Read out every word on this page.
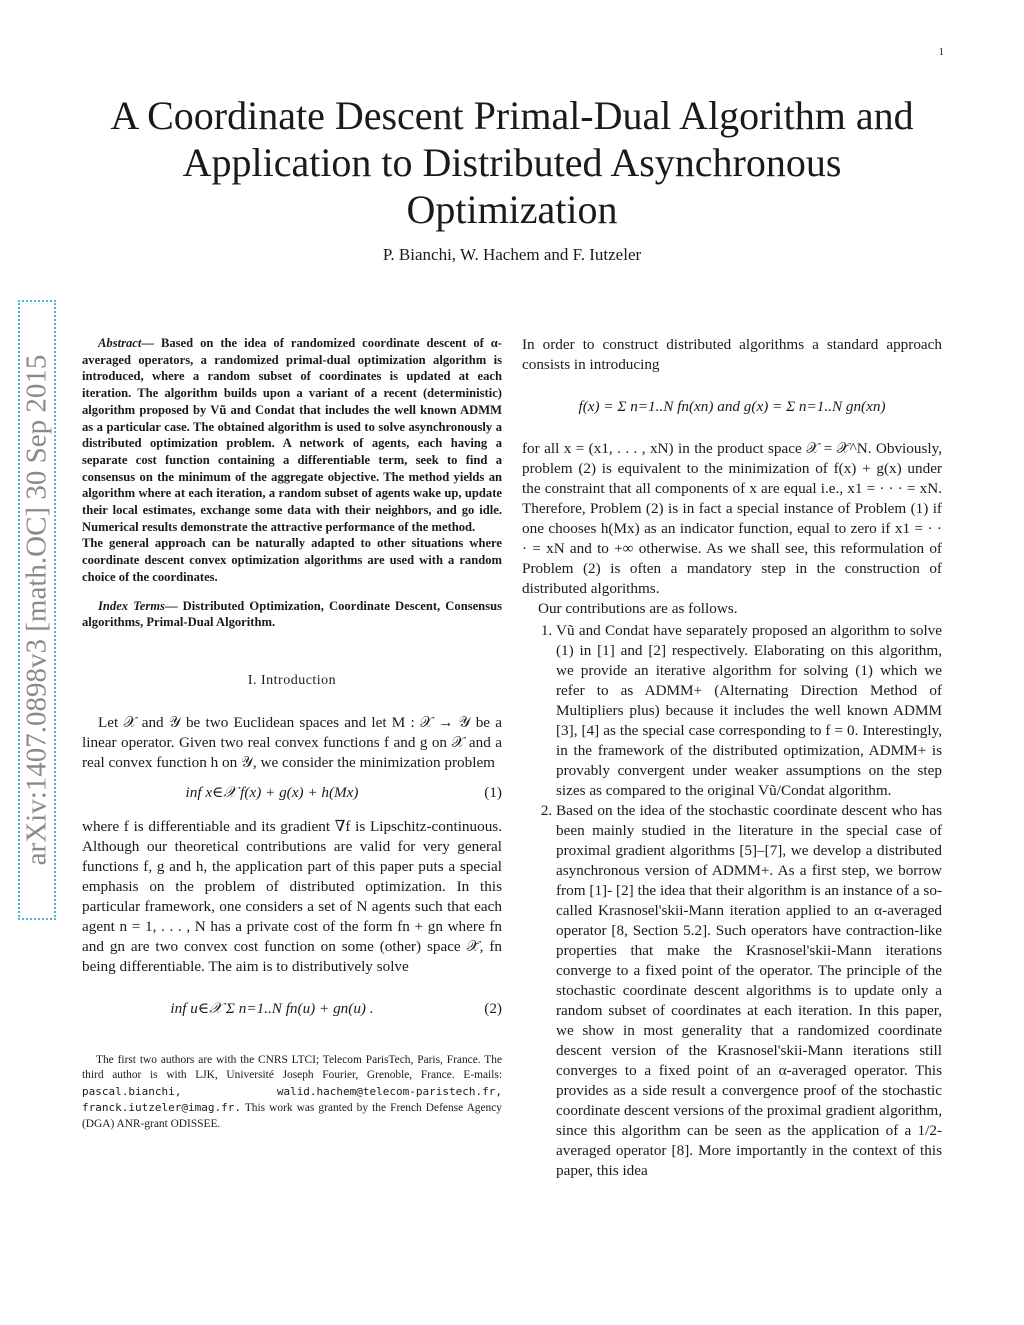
1
A Coordinate Descent Primal-Dual Algorithm and Application to Distributed Asynchronous Optimization
P. Bianchi, W. Hachem and F. Iutzeler
arXiv:1407.0898v3 [math.OC] 30 Sep 2015
Abstract— Based on the idea of randomized coordinate descent of α-averaged operators, a randomized primal-dual optimization algorithm is introduced, where a random subset of coordinates is updated at each iteration. The algorithm builds upon a variant of a recent (deterministic) algorithm proposed by Vũ and Condat that includes the well known ADMM as a particular case. The obtained algorithm is used to solve asynchronously a distributed optimization problem. A network of agents, each having a separate cost function containing a differentiable term, seek to find a consensus on the minimum of the aggregate objective. The method yields an algorithm where at each iteration, a random subset of agents wake up, update their local estimates, exchange some data with their neighbors, and go idle. Numerical results demonstrate the attractive performance of the method.
The general approach can be naturally adapted to other situations where coordinate descent convex optimization algorithms are used with a random choice of the coordinates.
Index Terms— Distributed Optimization, Coordinate Descent, Consensus algorithms, Primal-Dual Algorithm.
I. Introduction

Let 𝒳 and 𝒴 be two Euclidean spaces and let M : 𝒳 → 𝒴 be a linear operator. Given two real convex functions f and g on 𝒳 and a real convex function h on 𝒴, we consider the minimization problem

inf x∈𝒳 f(x) + g(x) + h(Mx)	(1)

where f is differentiable and its gradient ∇f is Lipschitz-continuous. Although our theoretical contributions are valid for very general functions f, g and h, the application part of this paper puts a special emphasis on the problem of distributed optimization. In this particular framework, one considers a set of N agents such that each agent n = 1, . . . , N has a private cost of the form fn + gn where fn and gn are two convex cost function on some (other) space 𝒳̄, fn being differentiable. The aim is to distributively solve

inf u∈𝒳 Σ n=1..N fn(u) + gn(u) .	(2)
The first two authors are with the CNRS LTCI; Telecom ParisTech, Paris, France. The third author is with LJK, Université Joseph Fourier, Grenoble, France. E-mails: pascal.bianchi, walid.hachem@telecom-paristech.fr, franck.iutzeler@imag.fr. This work was granted by the French Defense Agency (DGA) ANR-grant ODISSEE.

In order to construct distributed algorithms a standard approach consists in introducing

f(x) = Σ n=1..N fn(xn) and g(x) = Σ n=1..N gn(xn)

for all x = (x1, . . . , xN) in the product space 𝒳 = 𝒳̄^N. Obviously, problem (2) is equivalent to the minimization of f(x) + g(x) under the constraint that all components of x are equal i.e., x1 = · · · = xN. Therefore, Problem (2) is in fact a special instance of Problem (1) if one chooses h(Mx) as an indicator function, equal to zero if x1 = · · · = xN and to +∞ otherwise. As we shall see, this reformulation of Problem (2) is often a mandatory step in the construction of distributed algorithms.

Our contributions are as follows.

1. Vũ and Condat have separately proposed an algorithm to solve (1) in [1] and [2] respectively. Elaborating on this algorithm, we provide an iterative algorithm for solving (1) which we refer to as ADMM+ (Alternating Direction Method of Multipliers plus) because it includes the well known ADMM [3], [4] as the special case corresponding to f = 0. Interestingly, in the framework of the distributed optimization, ADMM+ is provably convergent under weaker assumptions on the step sizes as compared to the original Vũ/Condat algorithm.
2. Based on the idea of the stochastic coordinate descent who has been mainly studied in the literature in the special case of proximal gradient algorithms [5]–[7], we develop a distributed asynchronous version of ADMM+. As a first step, we borrow from [1]- [2] the idea that their algorithm is an instance of a so-called Krasnosel'skii-Mann iteration applied to an α-averaged operator [8, Section 5.2]. Such operators have contraction-like properties that make the Krasnosel'skii-Mann iterations converge to a fixed point of the operator. The principle of the stochastic coordinate descent algorithms is to update only a random subset of coordinates at each iteration. In this paper, we show in most generality that a randomized coordinate descent version of the Krasnosel'skii-Mann iterations still converges to a fixed point of an α-averaged operator. This provides as a side result a convergence proof of the stochastic coordinate descent versions of the proximal gradient algorithm, since this algorithm can be seen as the application of a 1/2-averaged operator [8]. More importantly in the context of this paper, this idea
